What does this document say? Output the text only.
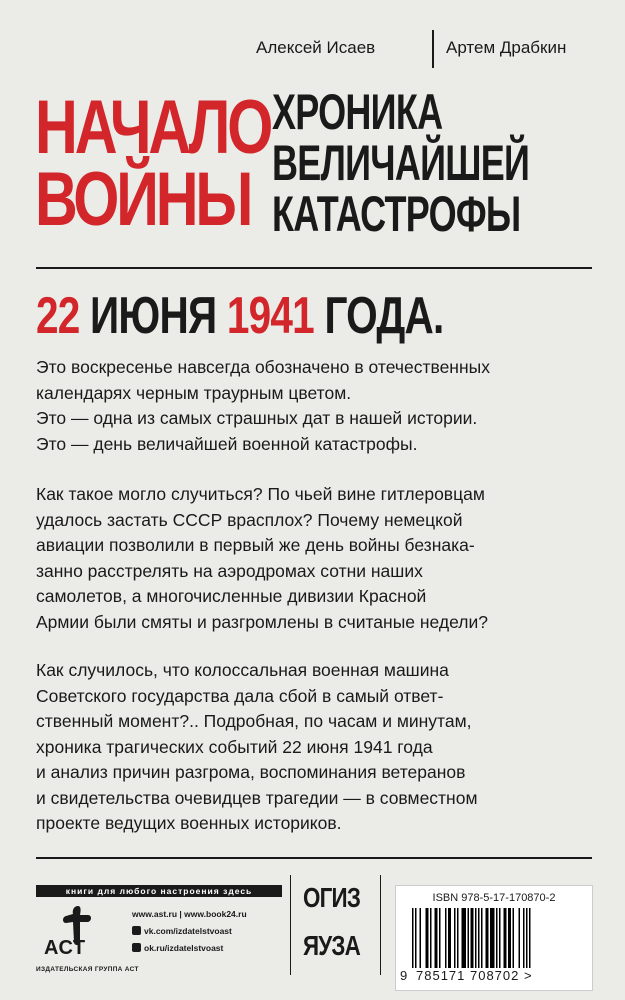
Алексей Исаев	Артем Драбкин
НАЧАЛО
ВОЙНЫ
ХРОНИКА
ВЕЛИЧАЙШЕЙ
КАТАСТРОФЫ
22 ИЮНЯ 1941 ГОДА.
Это воскресенье навсегда обозначено в отечественных
календарях черным траурным цветом.
Это — одна из самых страшных дат в нашей истории.
Это — день величайшей военной катастрофы.
Как такое могло случиться? По чьей вине гитлеровцам
удалось застать СССР врасплох? Почему немецкой
авиации позволили в первый же день войны безнака-
занно расстрелять на аэродромах сотни наших
самолетов, а многочисленные дивизии Красной
Армии были смяты и разгромлены в считаные недели?
Как случилось, что колоссальная военная машина
Советского государства дала сбой в самый ответ-
ственный момент?.. Подробная, по часам и минутам,
хроника трагических событий 22 июня 1941 года
и анализ причин разгрома, воспоминания ветеранов
и свидетельства очевидцев трагедии — в совместном
проекте ведущих военных историков.
книги для любого настроения здесь
ACT
ИЗДАТЕЛЬСКАЯ ГРУППА АСТ
www.ast.ru | www.book24.ru
vk.com/izdatelstvoast
ok.ru/izdatelstvoast
ОГИЗ
ЯУЗА
ISBN 978-5-17-170870-2
9 785171 708702 >
